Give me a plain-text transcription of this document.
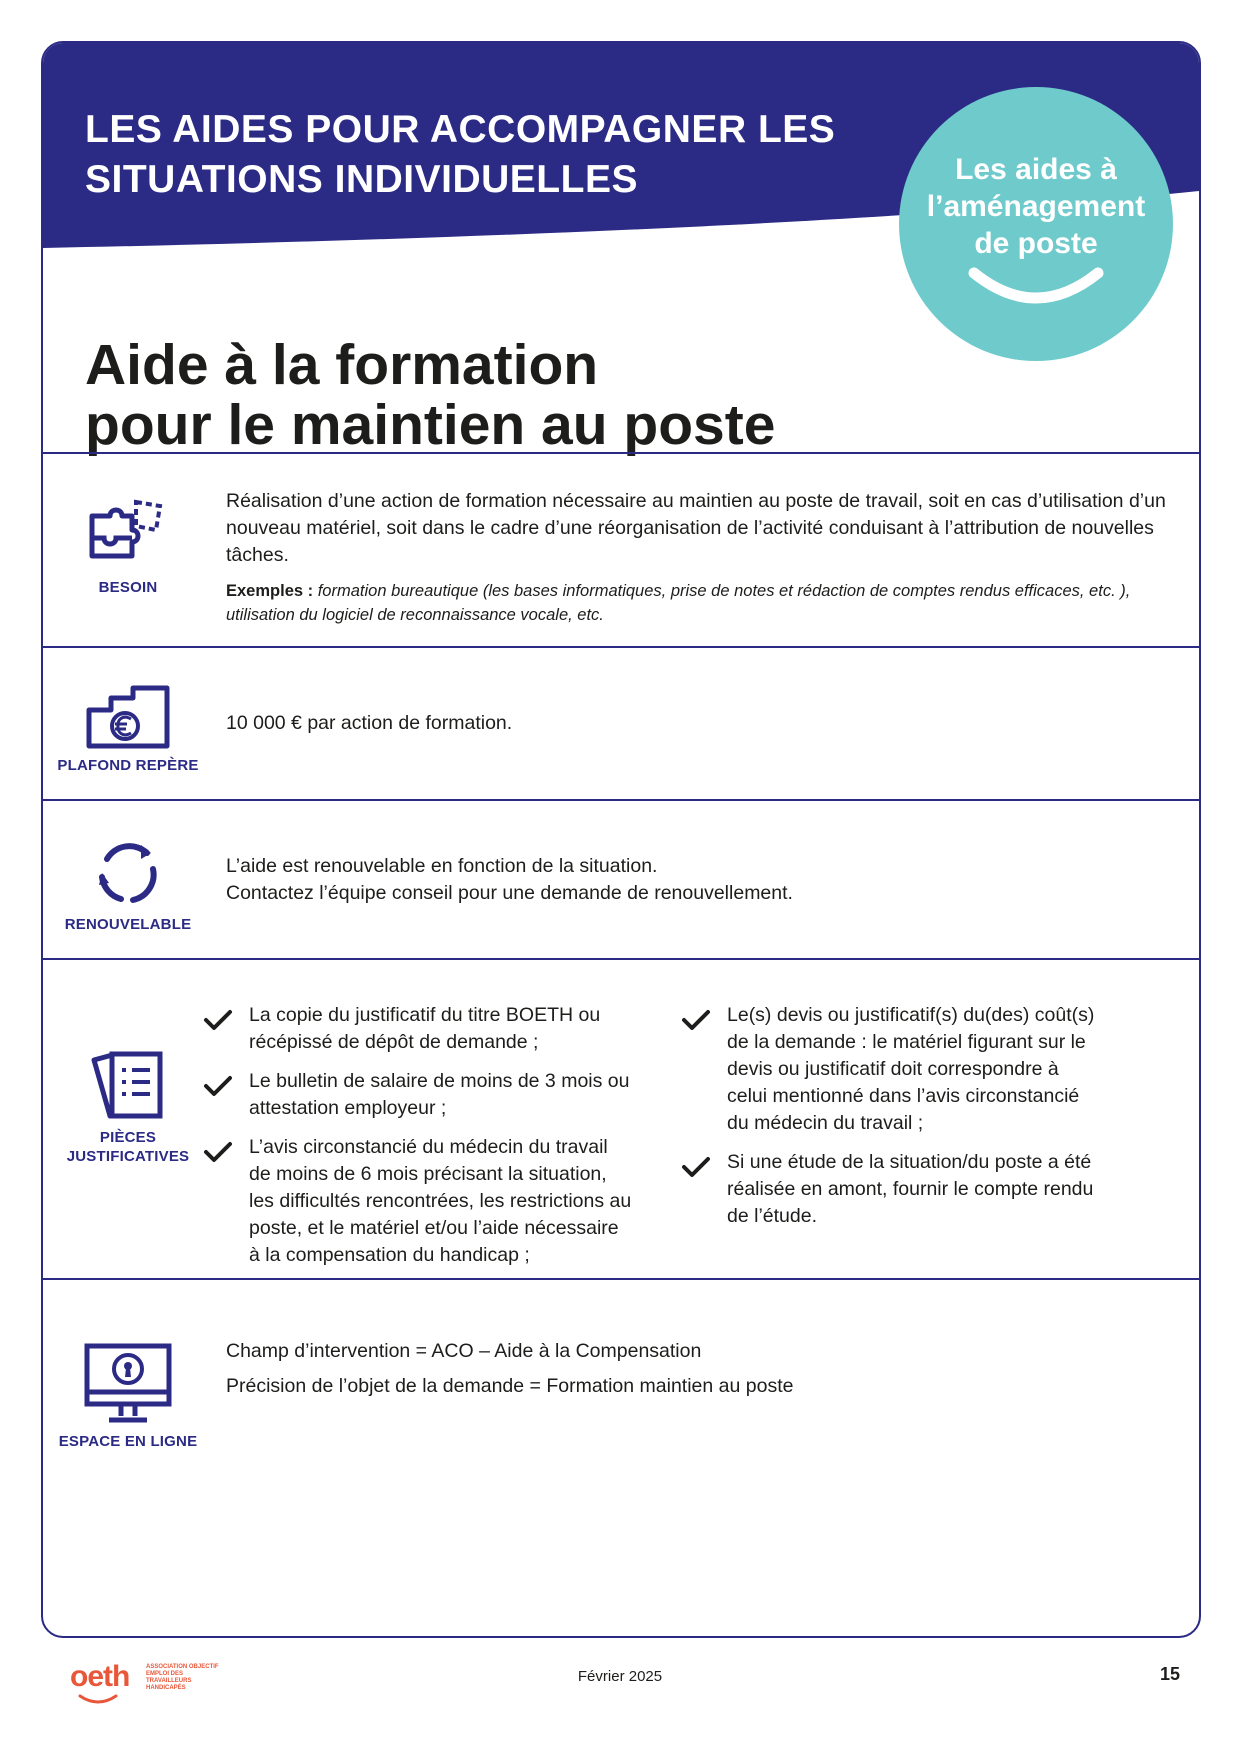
LES AIDES POUR ACCOMPAGNER LES SITUATIONS INDIVIDUELLES	Les aides à l’aménagement de poste
Aide à la formation
pour le maintien au poste
BESOIN
Réalisation d’une action de formation nécessaire au maintien au poste de travail, soit en cas d’utilisation d’un nouveau matériel, soit dans le cadre d’une réorganisation de l’activité conduisant à l’attribution de nouvelles tâches.
Exemples : formation bureautique (les bases informatiques, prise de notes et rédaction de comptes rendus efficaces, etc. ), utilisation du logiciel de reconnaissance vocale, etc.
PLAFOND REPÈRE
10 000 € par action de formation.
RENOUVELABLE
L’aide est renouvelable en fonction de la situation.
Contactez l’équipe conseil pour une demande de renouvellement.
PIÈCES
JUSTIFICATIVES
La copie du justificatif du titre BOETH ou récépissé de dépôt de demande ;
Le bulletin de salaire de moins de 3 mois ou attestation employeur ;
L’avis circonstancié du médecin du travail de moins de 6 mois précisant la situation, les difficultés rencontrées, les restrictions au poste, et le matériel et/ou l’aide nécessaire à la compensation du handicap ;
Le(s) devis ou justificatif(s) du(des) coût(s) de la demande : le matériel figurant sur le devis ou justificatif doit correspondre à celui mentionné dans l’avis circonstancié du médecin du travail ;
Si une étude de la situation/du poste a été réalisée en amont, fournir le compte rendu de l’étude.
ESPACE EN LIGNE
Champ d’intervention = ACO – Aide à la Compensation
Précision de l’objet de la demande = Formation maintien au poste
oeth	ASSOCIATION OBJECTIF EMPLOI DES TRAVAILLEURS HANDICAPÉS
Février 2025	15
